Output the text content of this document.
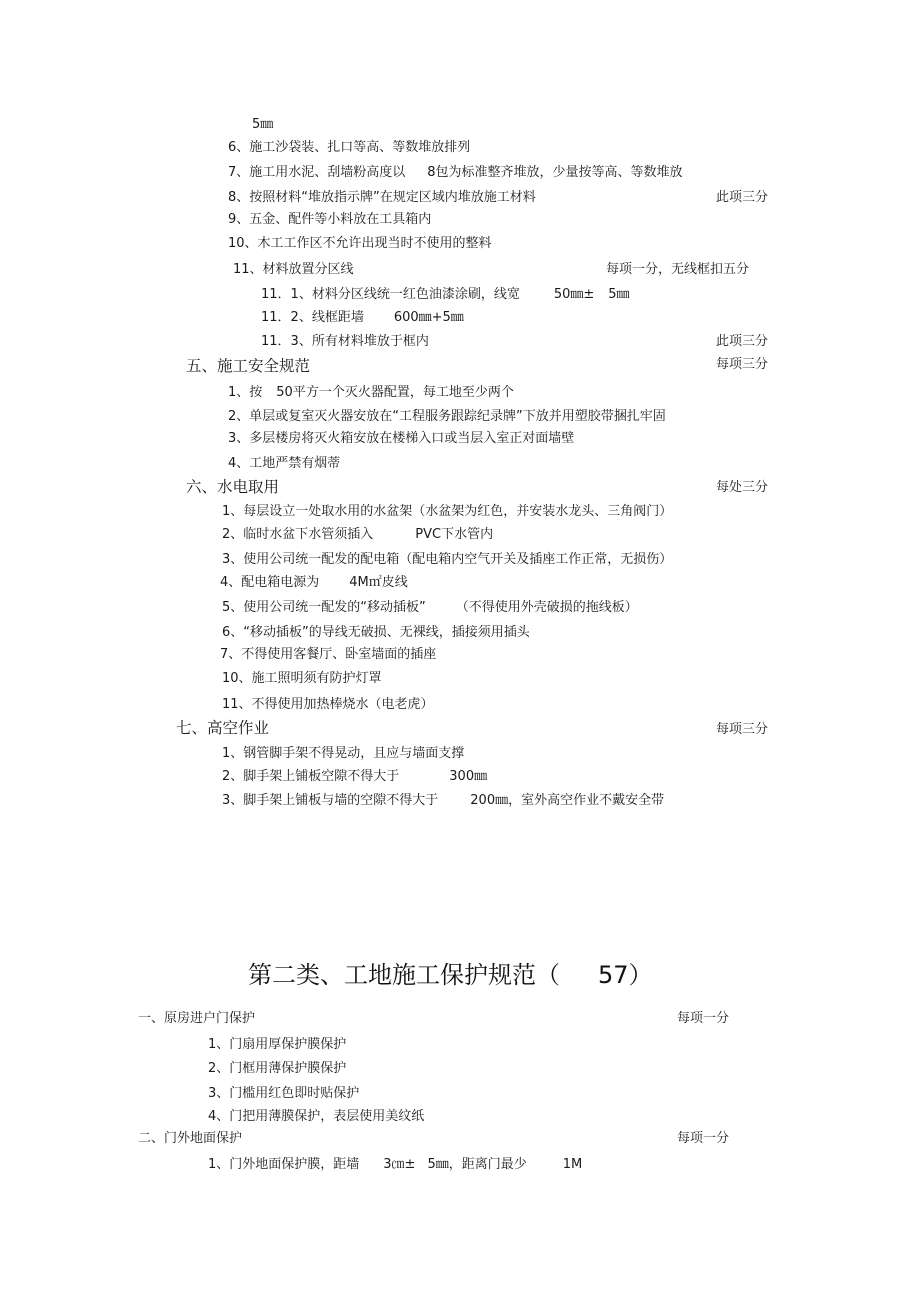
5㎜
6、施工沙袋装、扎口等高、等数堆放排列
7、施工用水泥、刮墙粉高度以 8包为标准整齐堆放，少量按等高、等数堆放
8、按照材料“堆放指示牌”在规定区域内堆放施工材料	此项三分
9、五金、配件等小料放在工具箱内
10、木工工作区不允许出现当时不使用的整料
11、材料放置分区线	每项一分，无线框扣五分
11．1、材料分区线统一红色油漆涂刷，线宽	50㎜± 5㎜
11．2、线框距墙 600㎜+5㎜
11．3、所有材料堆放于框内	此项三分
五、施工安全规范	每项三分
1、按 50平方一个灭火器配置，每工地至少两个
2、单层或复室灭火器安放在“工程服务跟踪纪录牌”下放并用塑胶带捆扎牢固
3、多层楼房将灭火箱安放在楼梯入口或当层入室正对面墙壁
4、工地严禁有烟蒂
六、水电取用	每处三分
1、每层设立一处取水用的水盆架（水盆架为红色，并安装水龙头、三角阀门）
2、临时水盆下水管须插入	PVC下水管内
3、使用公司统一配发的配电箱（配电箱内空气开关及插座工作正常，无损伤）
4、配电箱电源为 4M㎡皮线
5、使用公司统一配发的“移动插板” （不得使用外壳破损的拖线板）
6、“移动插板”的导线无破损、无裸线，插接须用插头
7、不得使用客餐厅、卧室墙面的插座
10、施工照明须有防护灯罩
11、不得使用加热棒烧水（电老虎）
七、高空作业	每项三分
1、钢管脚手架不得晃动，且应与墙面支撑
2、脚手架上铺板空隙不得大于	300㎜
3、脚手架上铺板与墙的空隙不得大于 200㎜，室外高空作业不戴安全带
第二类、工地施工保护规范（ 57）
一、原房进户门保护	每项一分
1、门扇用厚保护膜保护
2、门框用薄保护膜保护
3、门槛用红色即时贴保护
4、门把用薄膜保护，表层使用美纹纸
二、门外地面保护	每项一分
1、门外地面保护膜，距墙 3㎝± 5㎜，距离门最少	1M
